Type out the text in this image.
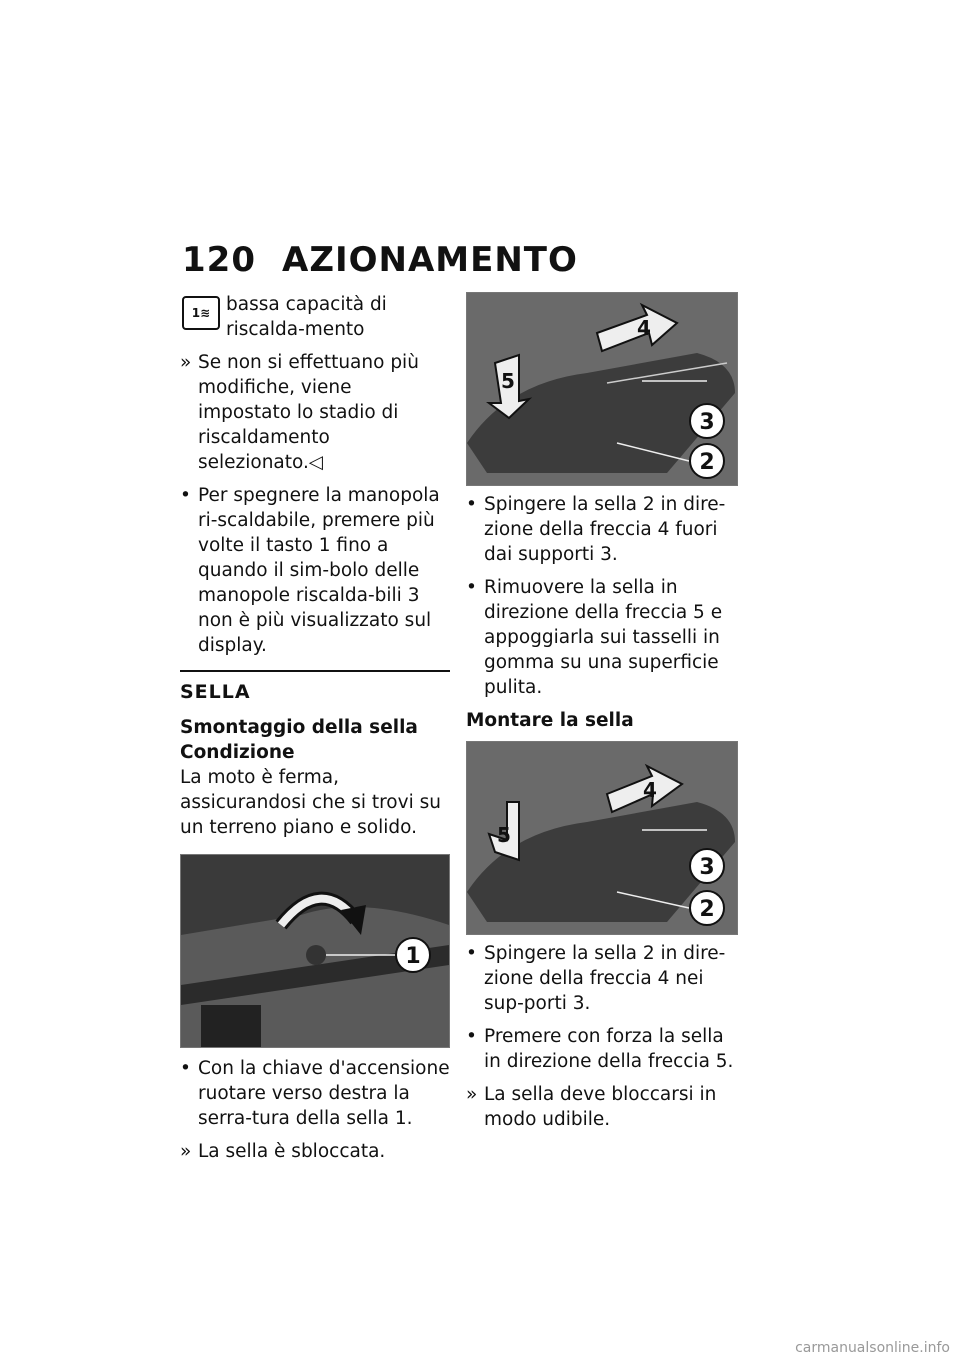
120 AZIONAMENTO
1≋ bassa capacità di riscalda-mento
» Se non si effettuano più modifiche, viene impostato lo stadio di riscaldamento selezionato.◁
• Per spegnere la manopola ri-scaldabile, premere più volte il tasto 1 fino a quando il sim-bolo delle manopole riscalda-bili 3 non è più visualizzato sul display.
SELLA
Smontaggio della sella
Condizione
La moto è ferma, assicurandosi che si trovi su un terreno piano e solido.
1
• Con la chiave d'accensione ruotare verso destra la serra-tura della sella 1.
» La sella è sbloccata.
4
5
3
2
• Spingere la sella 2 in dire-zione della freccia 4 fuori dai supporti 3.
• Rimuovere la sella in direzione della freccia 5 e appoggiarla sui tasselli in gomma su una superficie pulita.
Montare la sella
4
5
3
2
• Spingere la sella 2 in dire-zione della freccia 4 nei sup-porti 3.
• Premere con forza la sella in direzione della freccia 5.
» La sella deve bloccarsi in modo udibile.
carmanualsonline.info
